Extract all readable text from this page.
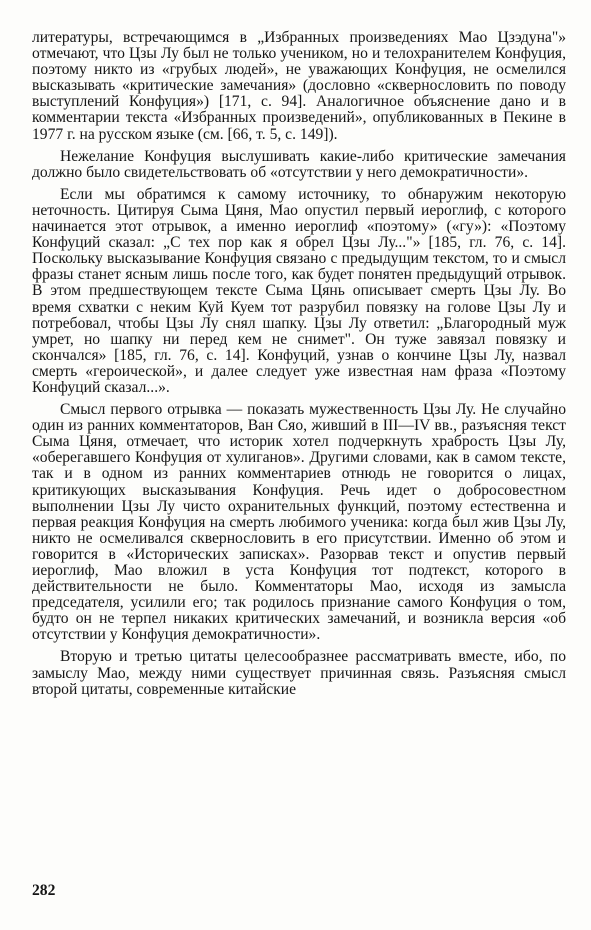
литературы, встречающимся в „Избранных произведениях Мао Цзэдуна"» отмечают, что Цзы Лу был не только учеником, но и телохранителем Конфуция, поэтому никто из «грубых людей», не уважающих Конфуция, не осмелился высказывать «критические замечания» (дословно «сквернословить по поводу выступлений Конфуция») [171, с. 94]. Аналогичное объяснение дано и в комментарии текста «Избранных произведений», опубликованных в Пекине в 1977 г. на русском языке (см. [66, т. 5, с. 149]).

Нежелание Конфуция выслушивать какие-либо критические замечания должно было свидетельствовать об «отсутствии у него демократичности».

Если мы обратимся к самому источнику, то обнаружим некоторую неточность. Цитируя Сыма Цяня, Мао опустил первый иероглиф, с которого начинается этот отрывок, а именно иероглиф «поэтому» («гу»): «Поэтому Конфуций сказал: „С тех пор как я обрел Цзы Лу..."» [185, гл. 76, с. 14]. Поскольку высказывание Конфуция связано с предыдущим текстом, то и смысл фразы станет ясным лишь после того, как будет понятен предыдущий отрывок. В этом предшествующем тексте Сыма Цянь описывает смерть Цзы Лу. Во время схватки с неким Куй Куем тот разрубил повязку на голове Цзы Лу и потребовал, чтобы Цзы Лу снял шапку. Цзы Лу ответил: „Благородный муж умрет, но шапку ни перед кем не снимет". Он туже завязал повязку и скончался» [185, гл. 76, с. 14]. Конфуций, узнав о кончине Цзы Лу, назвал смерть «героической», и далее следует уже известная нам фраза «Поэтому Конфуций сказал...».

Смысл первого отрывка — показать мужественность Цзы Лу. Не случайно один из ранних комментаторов, Ван Сяо, живший в III—IV вв., разъясняя текст Сыма Цяня, отмечает, что историк хотел подчеркнуть храбрость Цзы Лу, «оберегавшего Конфуция от хулиганов». Другими словами, как в самом тексте, так и в одном из ранних комментариев отнюдь не говорится о лицах, критикующих высказывания Конфуция. Речь идет о добросовестном выполнении Цзы Лу чисто охранительных функций, поэтому естественна и первая реакция Конфуция на смерть любимого ученика: когда был жив Цзы Лу, никто не осмеливался сквернословить в его присутствии. Именно об этом и говорится в «Исторических записках». Разорвав текст и опустив первый иероглиф, Мао вложил в уста Конфуция тот подтекст, которого в действительности не было. Комментаторы Мао, исходя из замысла председателя, усилили его; так родилось признание самого Конфуция о том, будто он не терпел никаких критических замечаний, и возникла версия «об отсутствии у Конфуция демократичности».

Вторую и третью цитаты целесообразнее рассматривать вместе, ибо, по замыслу Мао, между ними существует причинная связь. Разъясняя смысл второй цитаты, современные китайские

282
